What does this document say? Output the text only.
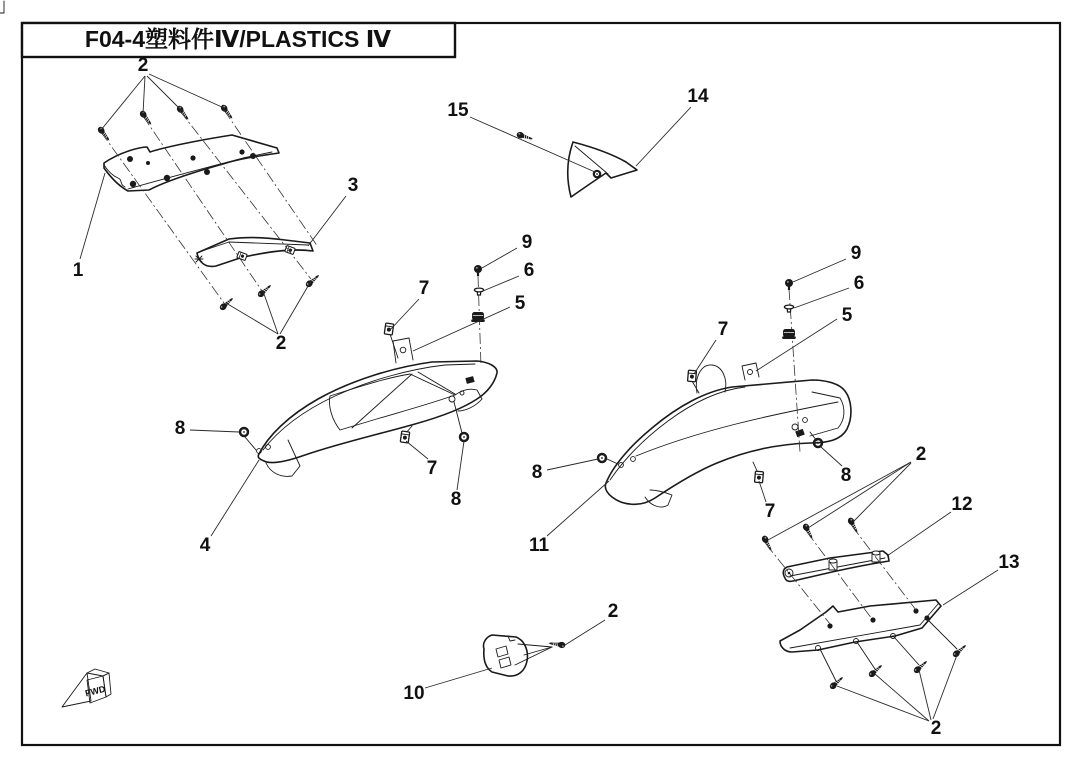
F04-4塑料件Ⅳ/PLASTICS Ⅳ
FWD
2
1
3
2
15
14
7
9
6
5
8
4
7
8
9
6
5
7
8
11
7
8
2
12
13
2
2
10
